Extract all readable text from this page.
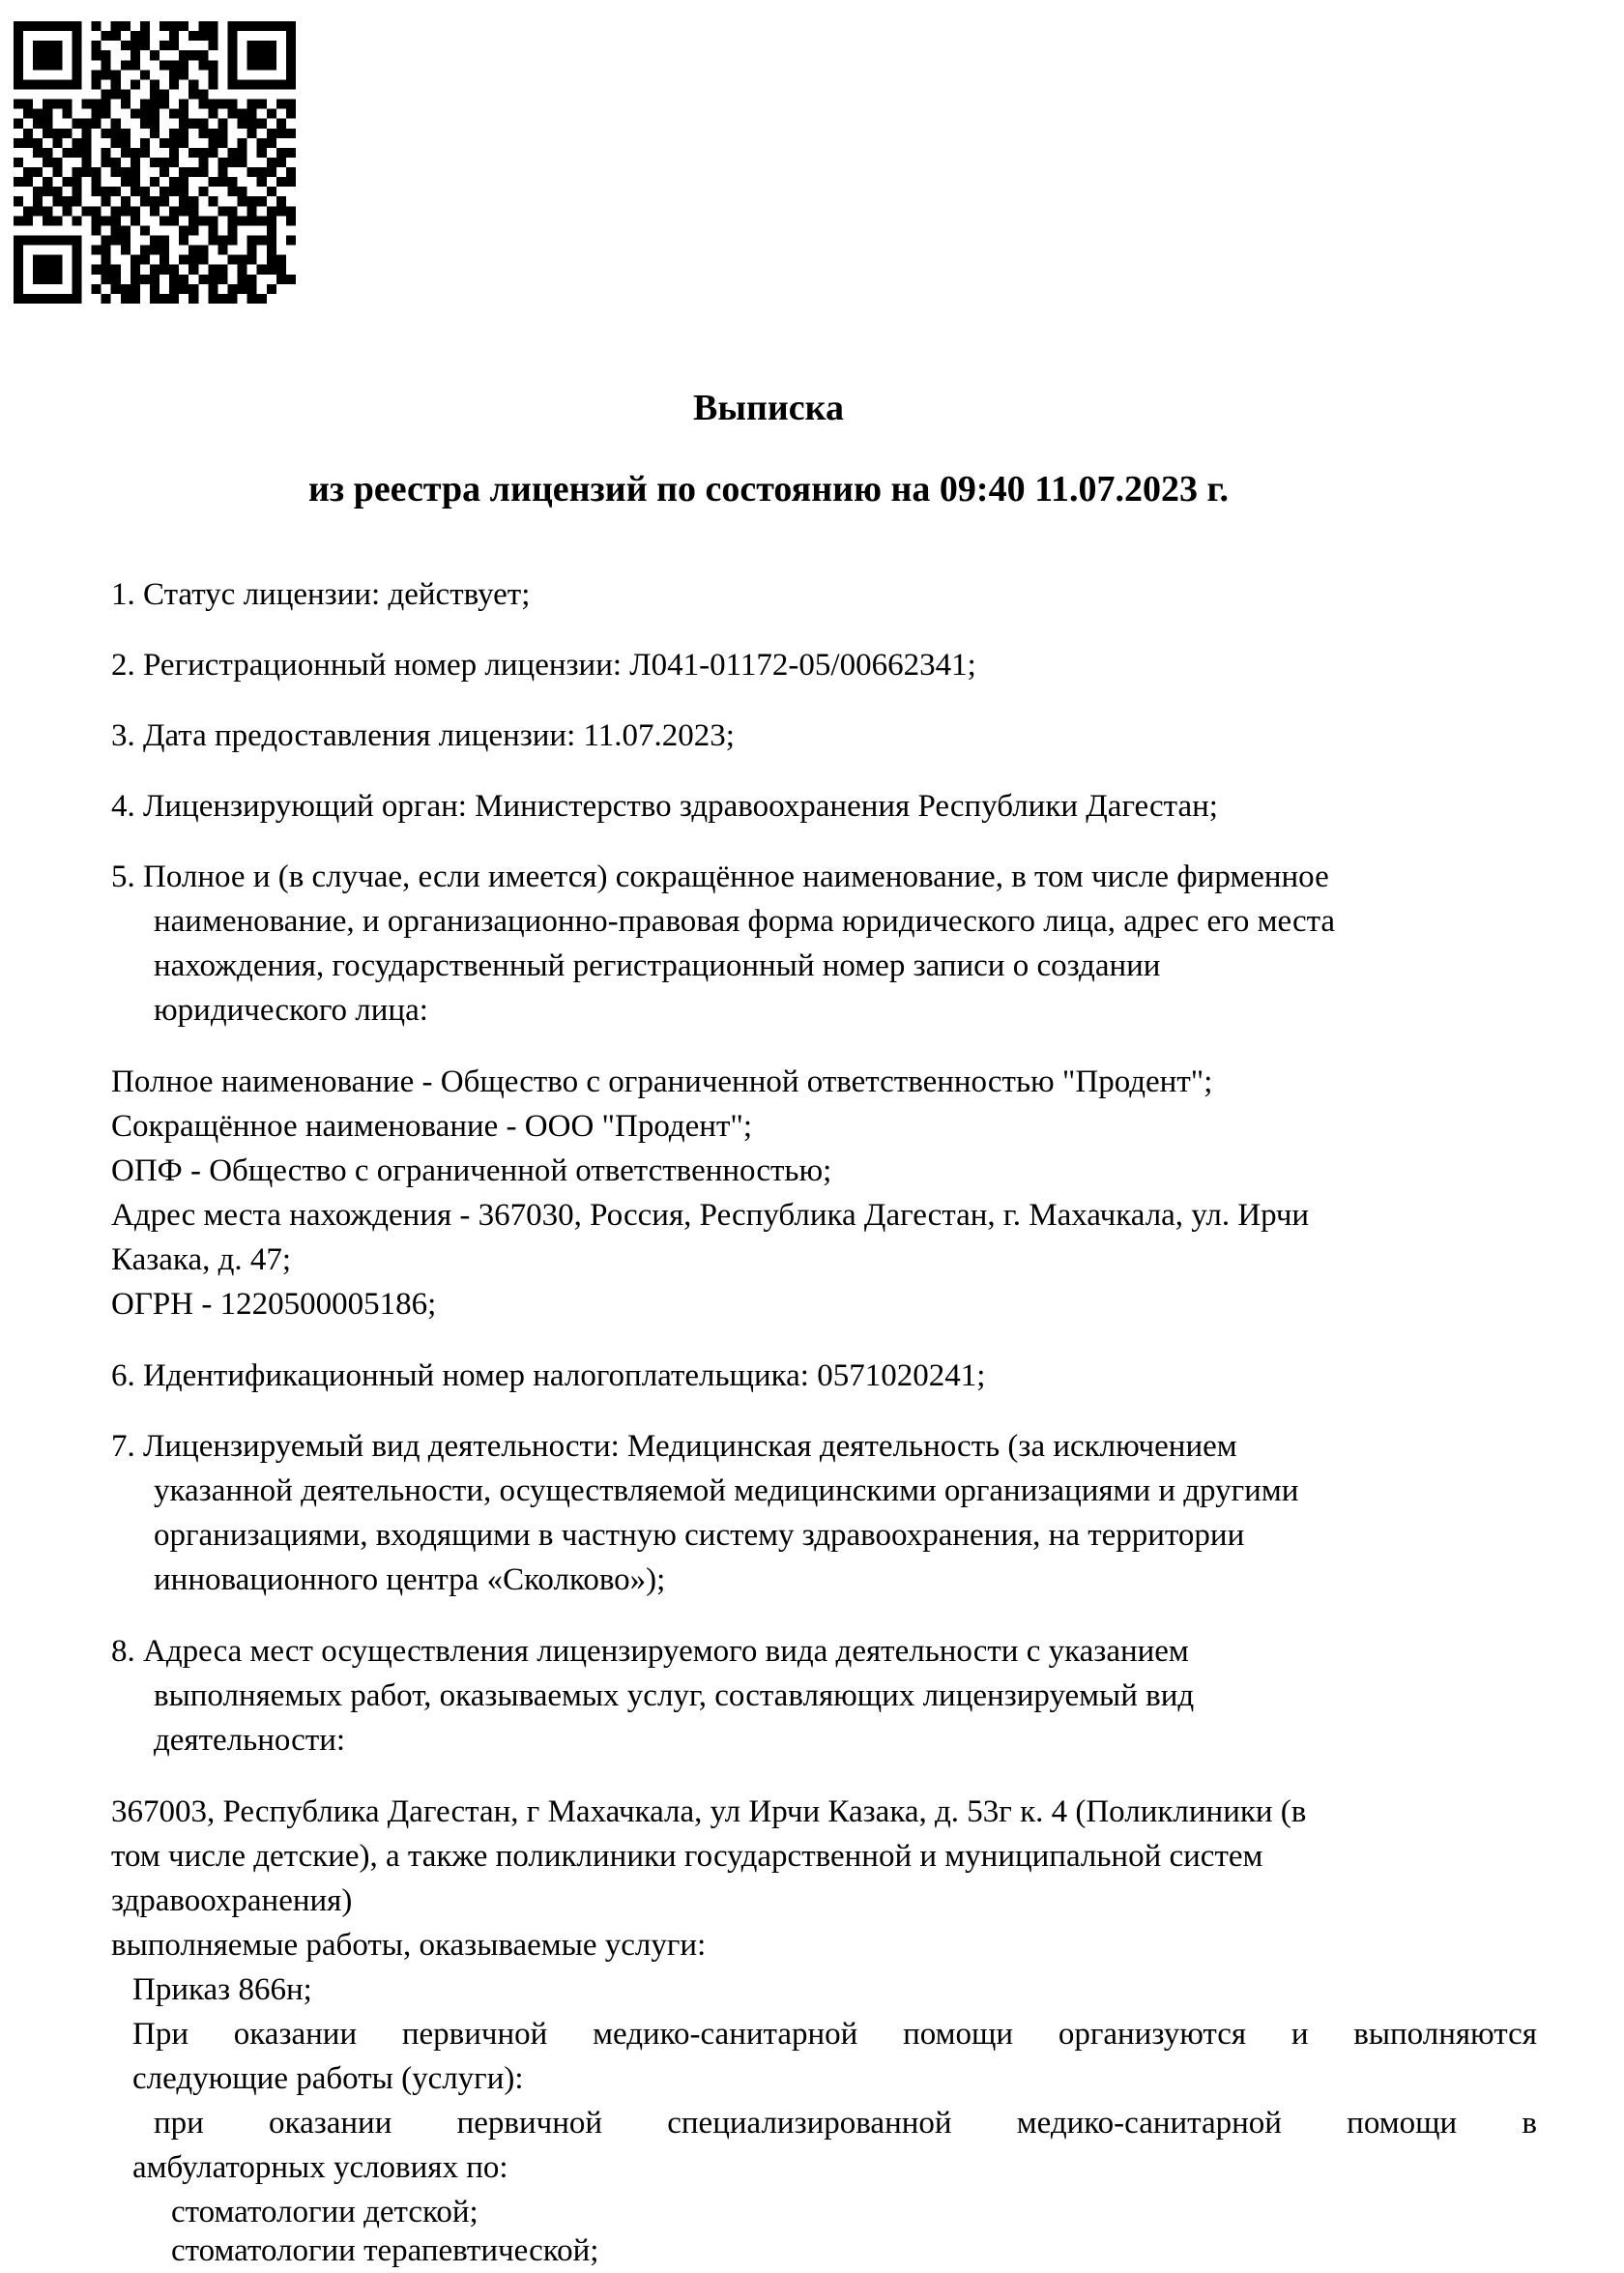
Выписка
из реестра лицензий по состоянию на 09:40 11.07.2023 г.
1. Статус лицензии: действует;
2. Регистрационный номер лицензии: Л041-01172-05/00662341;
3. Дата предоставления лицензии: 11.07.2023;
4. Лицензирующий орган: Министерство здравоохранения Республики Дагестан;
5. Полное и (в случае, если имеется) сокращённое наименование, в том числе фирменное
наименование, и организационно-правовая форма юридического лица, адрес его места
нахождения, государственный регистрационный номер записи о создании
юридического лица:
Полное наименование - Общество с ограниченной ответственностью "Продент";
Сокращённое наименование - ООО "Продент";
ОПФ - Общество с ограниченной ответственностью;
Адрес места нахождения - 367030, Россия, Республика Дагестан, г. Махачкала, ул. Ирчи
Казака, д. 47;
ОГРН - 1220500005186;
6. Идентификационный номер налогоплательщика: 0571020241;
7. Лицензируемый вид деятельности: Медицинская деятельность (за исключением
указанной деятельности, осуществляемой медицинскими организациями и другими
организациями, входящими в частную систему здравоохранения, на территории
инновационного центра «Сколково»);
8. Адреса мест осуществления лицензируемого вида деятельности с указанием
выполняемых работ, оказываемых услуг, составляющих лицензируемый вид
деятельности:
367003, Республика Дагестан, г Махачкала, ул Ирчи Казака, д. 53г к. 4 (Поликлиники (в
том числе детские), а также поликлиники государственной и муниципальной систем
здравоохранения)
выполняемые работы, оказываемые услуги:
Приказ 866н;
При оказании первичной медико-санитарной помощи организуются и выполняются
следующие работы (услуги):
при оказании первичной специализированной медико-санитарной помощи в
амбулаторных условиях по:
стоматологии детской;
стоматологии терапевтической;
